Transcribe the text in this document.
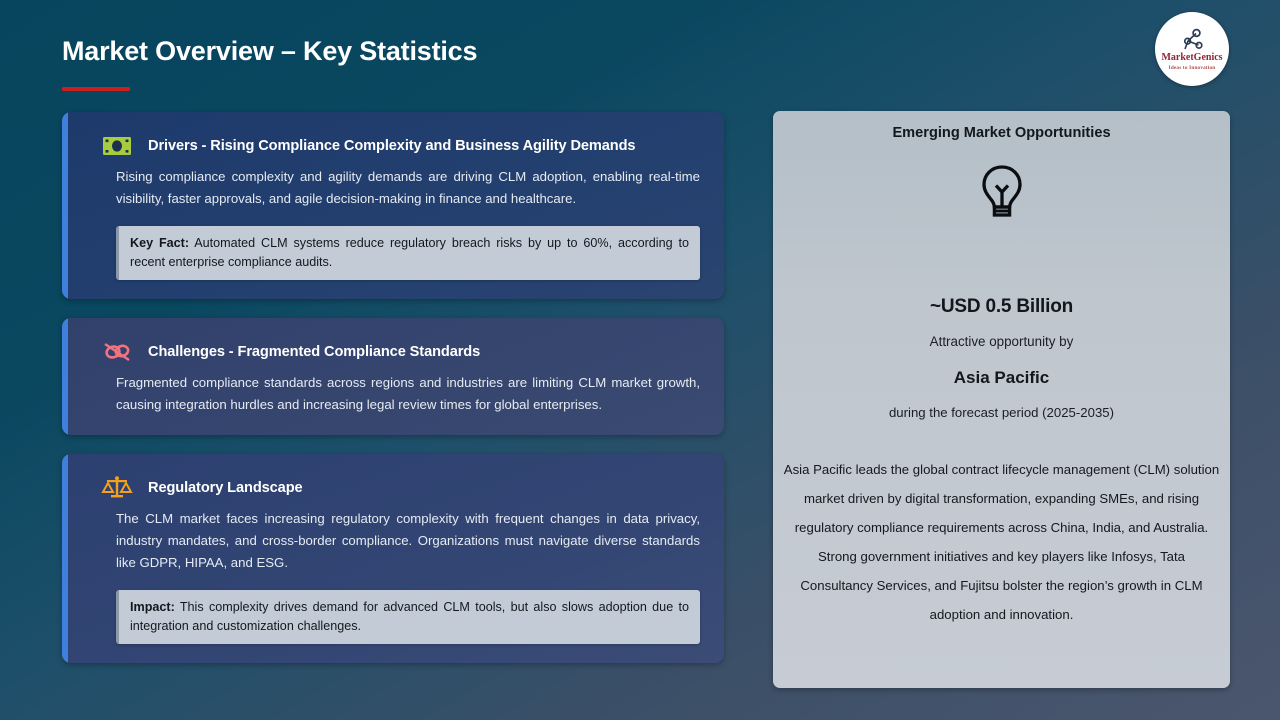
Market Overview – Key Statistics	MarketGenics
Ideas to Innovation
Drivers - Rising Compliance Complexity and Business Agility Demands
Rising compliance complexity and agility demands are driving CLM adoption, enabling real-time visibility, faster approvals, and agile decision-making in finance and healthcare.
Key Fact: Automated CLM systems reduce regulatory breach risks by up to 60%, according to recent enterprise compliance audits.
Challenges - Fragmented Compliance Standards
Fragmented compliance standards across regions and industries are limiting CLM market growth, causing integration hurdles and increasing legal review times for global enterprises.
Regulatory Landscape
The CLM market faces increasing regulatory complexity with frequent changes in data privacy, industry mandates, and cross-border compliance. Organizations must navigate diverse standards like GDPR, HIPAA, and ESG.
Impact: This complexity drives demand for advanced CLM tools, but also slows adoption due to integration and customization challenges.
Emerging Market Opportunities
~USD 0.5 Billion
Attractive opportunity by
Asia Pacific
during the forecast period (2025-2035)
Asia Pacific leads the global contract lifecycle management (CLM) solution market driven by digital transformation, expanding SMEs, and rising regulatory compliance requirements across China, India, and Australia. Strong government initiatives and key players like Infosys, Tata Consultancy Services, and Fujitsu bolster the region’s growth in CLM adoption and innovation.
